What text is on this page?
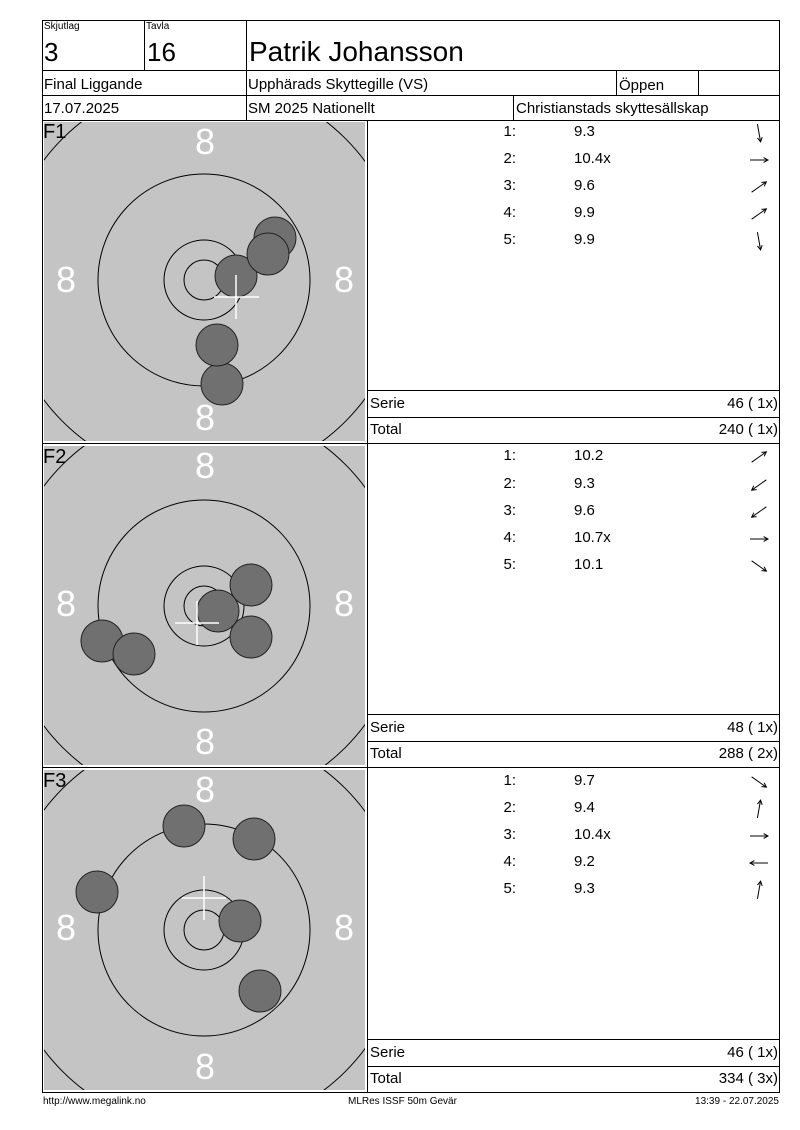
Skjutlag
3
Tavla
16	Patrik Johansson
Final Liggande	Upphärads Skyttegille (VS)	Öppen
17.07.2025	SM 2025 Nationellt	Christianstads skyttesällskap
8
8	8
8
F1	1:	9.3
2:	10.4x
3:	9.6
4:	9.9
5:	9.9
Serie	46 ( 1x)
Total	240 ( 1x)
8
8	8
8
F2	1:	10.2
2:	9.3
3:	9.6
4:	10.7x
5:	10.1
Serie	48 ( 1x)
Total	288 ( 2x)
8
8	8
8
F3	1:	9.7
2:	9.4
3:	10.4x
4:	9.2
5:	9.3
Serie	46 ( 1x)
Total	334 ( 3x)
http://www.megalink.no	MLRes ISSF 50m Gevär	13:39 - 22.07.2025
